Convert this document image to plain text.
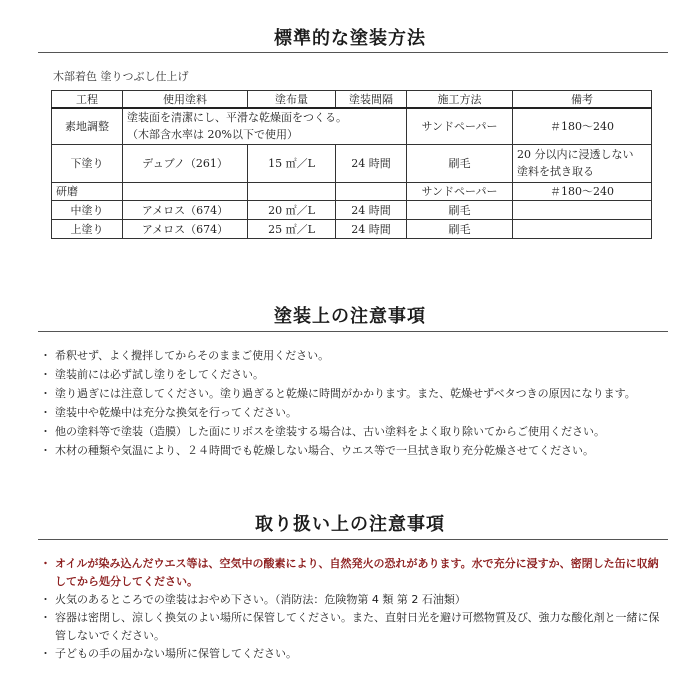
標準的な塗装方法
木部着色 塗りつぶし仕上げ
工程	使用塗料	塗布量	塗装間隔	施工方法	備考
素地調整	塗装面を清潔にし、平滑な乾燥面をつくる。
（木部含水率は 20%以下で使用）			サンドペーパー	＃180〜240
下塗り	デュブノ（261）	15 ㎡／L	24 時間	刷毛	20 分以内に浸透しない
塗料を拭き取る

研磨				サンドペーパー	＃180〜240
中塗り	アメロス（674）	20 ㎡／L	24 時間	刷毛	
上塗り	アメロス（674）	25 ㎡／L	24 時間	刷毛	
塗装上の注意事項
・ 希釈せず、よく攪拌してからそのままご使用ください。
・ 塗装前には必ず試し塗りをしてください。
・ 塗り過ぎには注意してください。塗り過ぎると乾燥に時間がかかります。また、乾燥せずベタつきの原因になります。
・ 塗装中や乾燥中は充分な換気を行ってください。
・ 他の塗料等で塗装（造膜）した面にリボスを塗装する場合は、古い塗料をよく取り除いてからご使用ください。
・ 木材の種類や気温により、２４時間でも乾燥しない場合、ウエス等で一旦拭き取り充分乾燥させてください。
取り扱い上の注意事項
・ オイルが染み込んだウエス等は、空気中の酸素により、自然発火の恐れがあります。水で充分に浸すか、密閉した缶に収納してから処分してください。
・ 火気のあるところでの塗装はおやめ下さい。（消防法：危険物第 4 類 第 2 石油類）
・ 容器は密閉し、涼しく換気のよい場所に保管してください。また、直射日光を避け可燃物質及び、強力な酸化剤と一緒に保管しないでください。
・ 子どもの手の届かない場所に保管してください。
